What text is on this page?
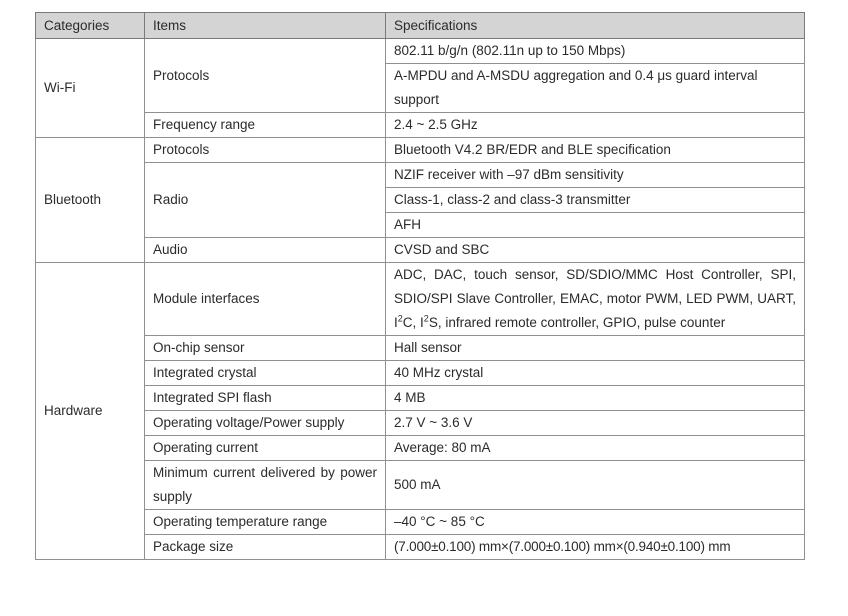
Categories	Items	Specifications
Wi-Fi	Protocols	802.11 b/g/n (802.11n up to 150 Mbps)
		A-MPDU and A-MSDU aggregation and 0.4 μs guard interval support
	Frequency range	2.4 ~ 2.5 GHz
Bluetooth	Protocols	Bluetooth V4.2 BR/EDR and BLE specification
	Radio	NZIF receiver with –97 dBm sensitivity
		Class-1, class-2 and class-3 transmitter
		AFH
	Audio	CVSD and SBC
Hardware	Module interfaces	ADC, DAC, touch sensor, SD/SDIO/MMC Host Controller, SPI, SDIO/SPI Slave Controller, EMAC, motor PWM, LED PWM, UART, $I^2C$, $I^2S$, infrared remote controller, GPIO, pulse counter
	On-chip sensor	Hall sensor
	Integrated crystal	40 MHz crystal
	Integrated SPI flash	4 MB
	Operating voltage/Power supply	2.7 V ~ 3.6 V
	Operating current	Average: 80 mA
	Minimum current delivered by power supply	500 mA
	Operating temperature range	–40 °C ~ 85 °C
	Package size	(7.000±0.100) mm×(7.000±0.100) mm×(0.940±0.100) mm
